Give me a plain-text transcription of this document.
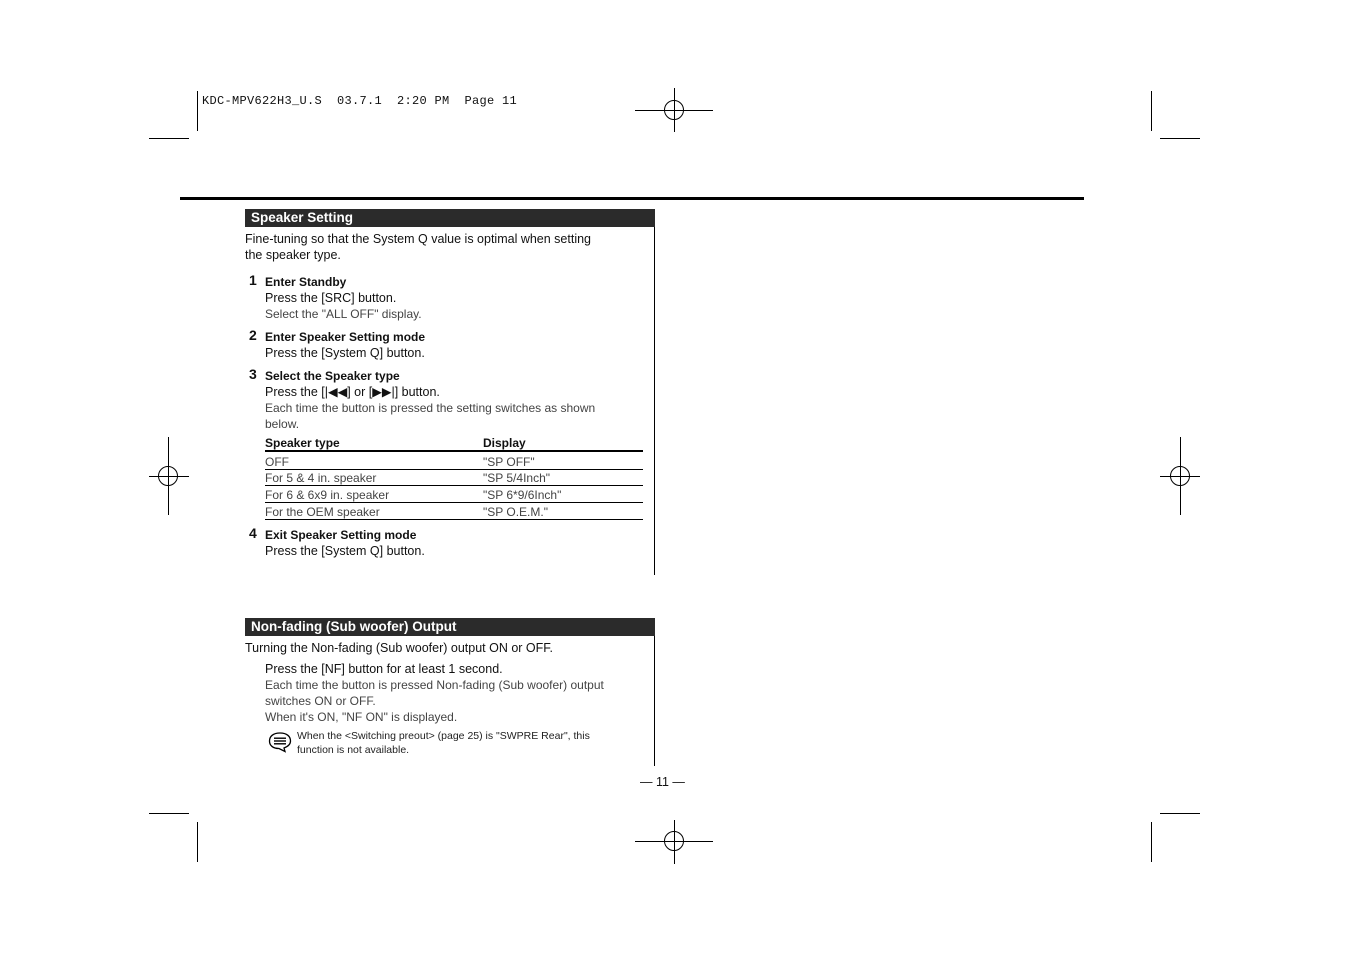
KDC-MPV622H3_U.S  03.7.1  2:20 PM  Page 11
Speaker Setting
Fine-tuning so that the System Q value is optimal when setting
the speaker type.
1 Enter Standby
Press the [SRC] button.
Select the "ALL OFF" display.
2 Enter Speaker Setting mode
Press the [System Q] button.
3 Select the Speaker type
Press the [|◀◀] or [▶▶|] button.
Each time the button is pressed the setting switches as shown
below.
Speaker type	Display
OFF	"SP OFF"
For 5 & 4 in. speaker	"SP 5/4Inch"
For 6 & 6x9 in. speaker	"SP 6*9/6Inch"
For the OEM speaker	"SP O.E.M."
4 Exit Speaker Setting mode
Press the [System Q] button.
Non-fading (Sub woofer) Output
Turning the Non-fading (Sub woofer) output ON or OFF.
Press the [NF] button for at least 1 second.
Each time the button is pressed Non-fading (Sub woofer) output
switches ON or OFF.
When it's ON, "NF ON" is displayed.
When the <Switching preout> (page 25) is "SWPRE Rear", this
function is not available.
— 11 —
